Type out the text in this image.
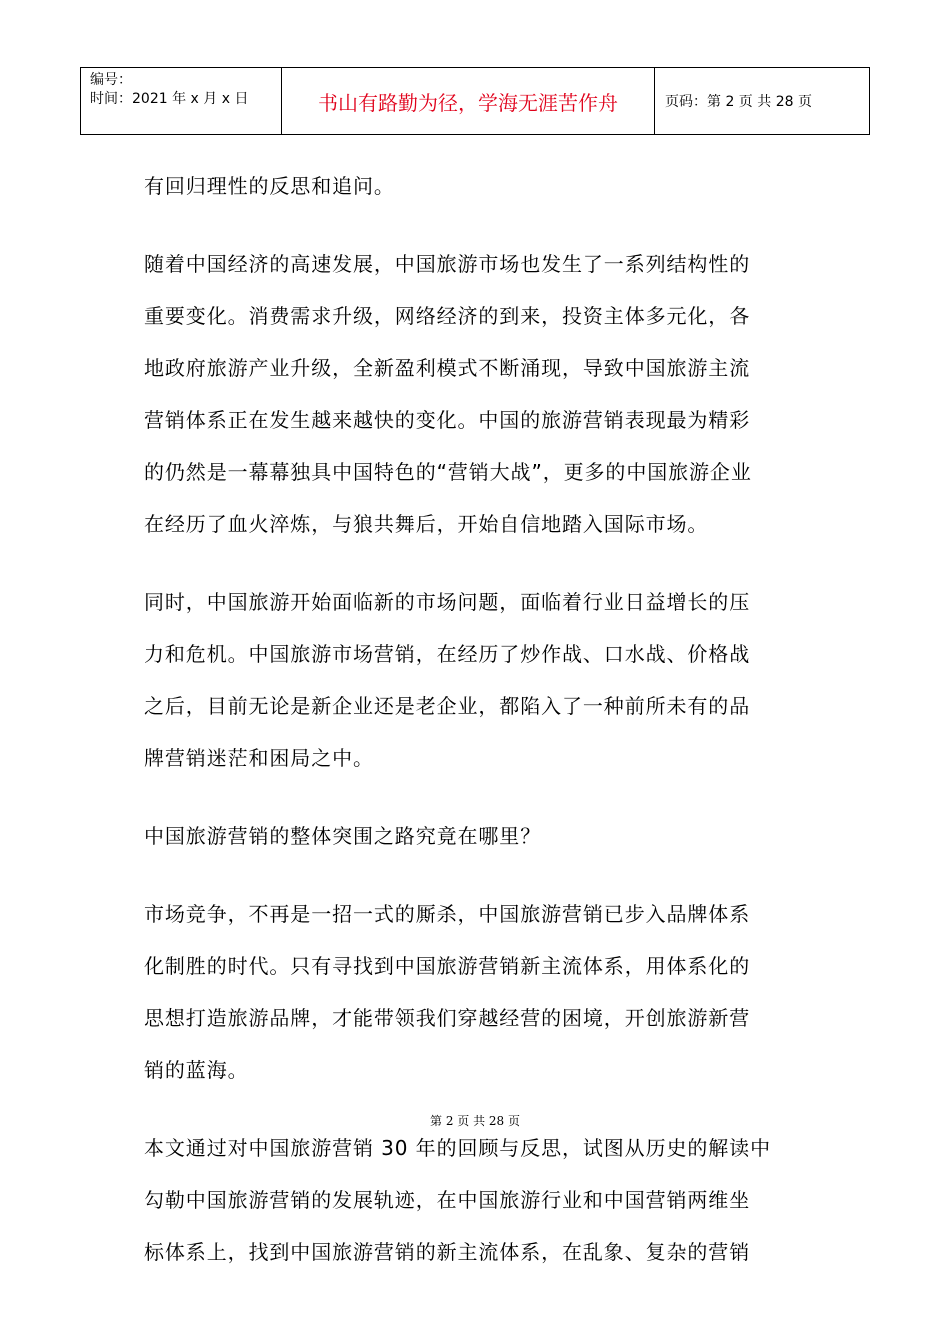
编号：
时间：2021 年 x 月 x 日	书山有路勤为径，学海无涯苦作舟	页码：第 2 页 共 28 页

有回归理性的反思和追问。

随着中国经济的高速发展，中国旅游市场也发生了一系列结构性的
重要变化。消费需求升级，网络经济的到来，投资主体多元化，各
地政府旅游产业升级，全新盈利模式不断涌现，导致中国旅游主流
营销体系正在发生越来越快的变化。中国的旅游营销表现最为精彩
的仍然是一幕幕独具中国特色的“营销大战”，更多的中国旅游企业
在经历了血火淬炼，与狼共舞后，开始自信地踏入国际市场。

同时，中国旅游开始面临新的市场问题，面临着行业日益增长的压
力和危机。中国旅游市场营销，在经历了炒作战、口水战、价格战
之后，目前无论是新企业还是老企业，都陷入了一种前所未有的品
牌营销迷茫和困局之中。

中国旅游营销的整体突围之路究竟在哪里？

市场竞争，不再是一招一式的厮杀，中国旅游营销已步入品牌体系
化制胜的时代。只有寻找到中国旅游营销新主流体系，用体系化的
思想打造旅游品牌，才能带领我们穿越经营的困境，开创旅游新营
销的蓝海。

本文通过对中国旅游营销 30 年的回顾与反思，试图从历史的解读中
勾勒中国旅游营销的发展轨迹，在中国旅游行业和中国营销两维坐
标体系上，找到中国旅游营销的新主流体系，在乱象、复杂的营销

第 2 页 共 28 页
